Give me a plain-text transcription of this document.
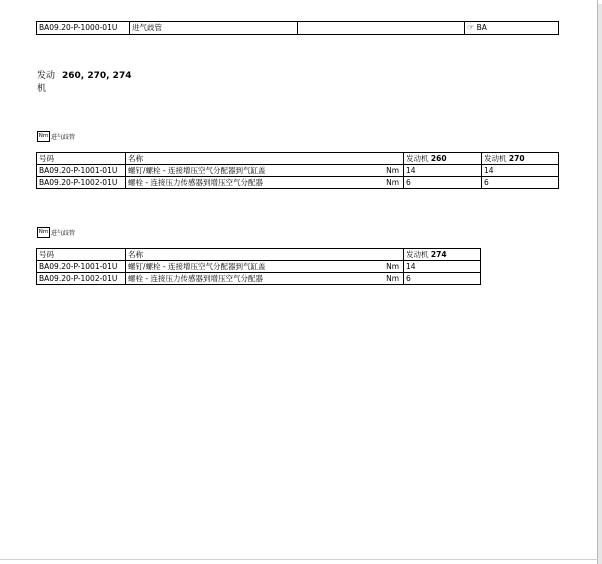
BA09.20-P-1000-01U	进气歧管		☞ BA
发动机
260, 270, 274
Nm 进气歧管
号码	名称		发动机 260	发动机 270
BA09.20-P-1001-01U	螺钉/螺栓 - 连接增压空气分配器到气缸盖	Nm	14	14
BA09.20-P-1002-01U	螺栓 - 连接压力传感器到增压空气分配器	Nm	6	6
Nm 进气歧管
号码	名称		发动机 274
BA09.20-P-1001-01U	螺钉/螺栓 - 连接增压空气分配器到气缸盖	Nm	14
BA09.20-P-1002-01U	螺栓 - 连接压力传感器到增压空气分配器	Nm	6
